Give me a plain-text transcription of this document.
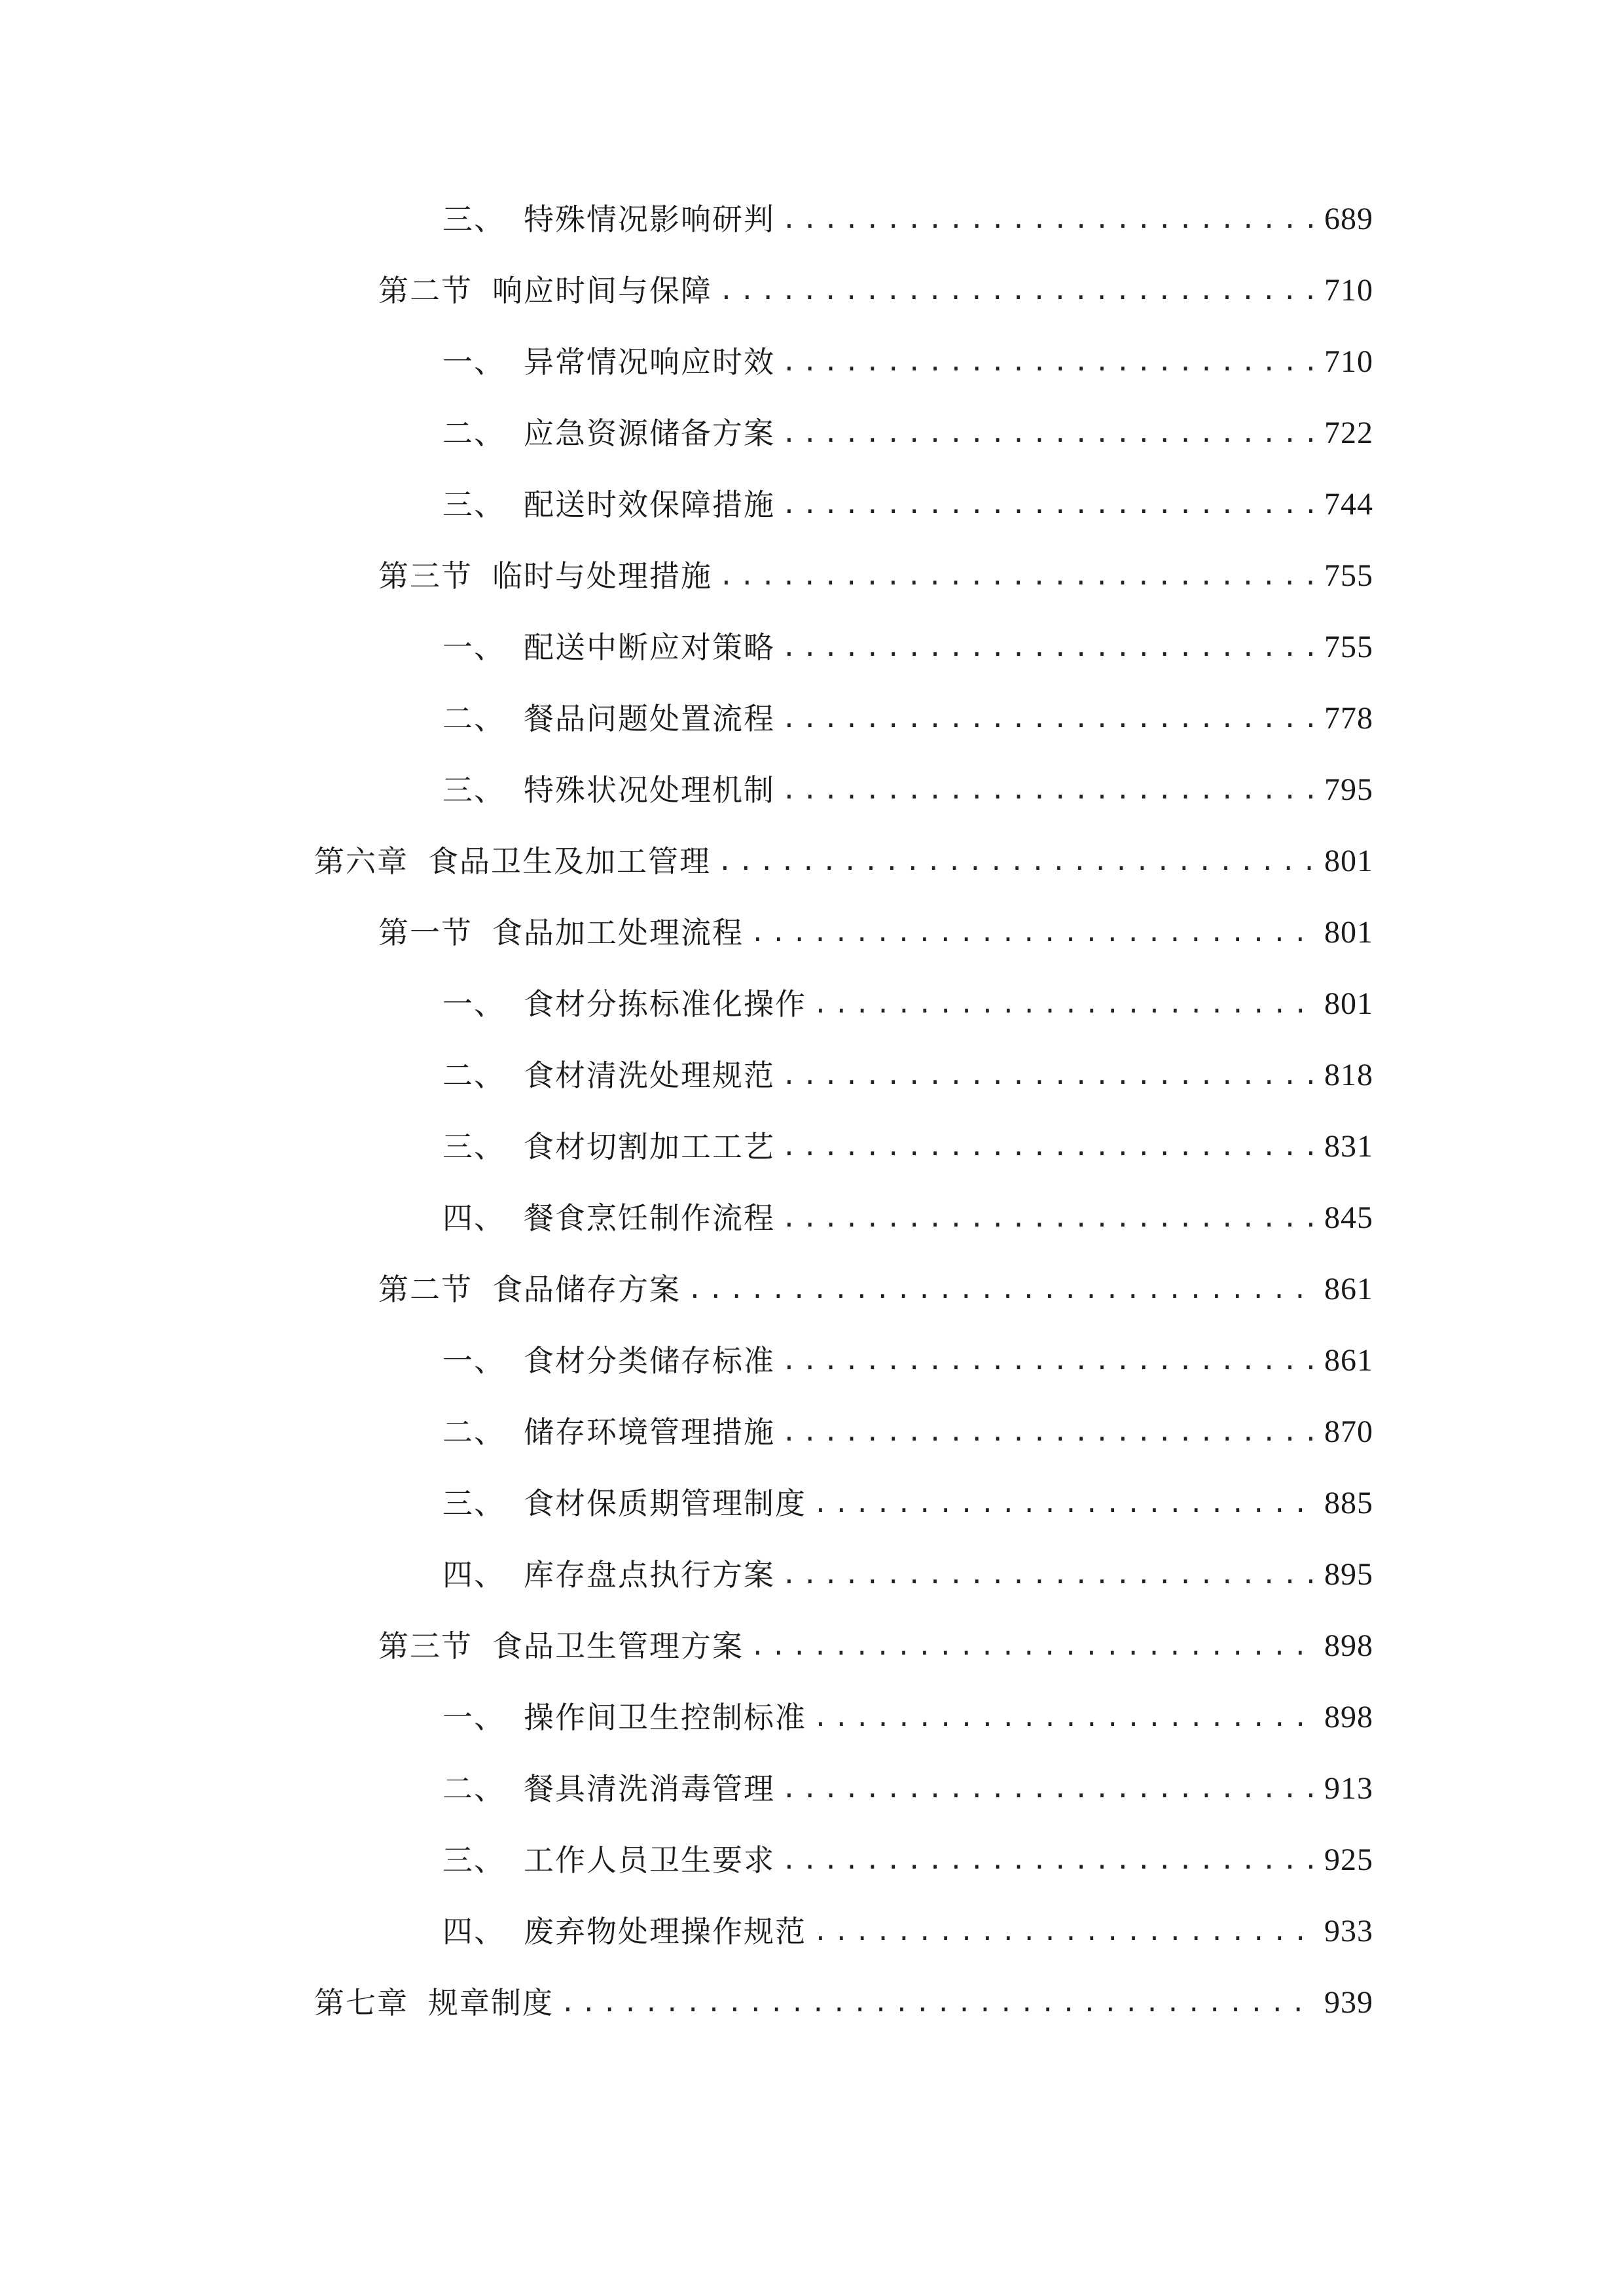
三、 特殊情况影响研判 .....	689
第二节 响应时间与保障 .....	710
一、 异常情况响应时效 .....	710
二、 应急资源储备方案 .....	722
三、 配送时效保障措施 .....	744
第三节 临时与处理措施 .....	755
一、 配送中断应对策略 .....	755
二、 餐品问题处置流程 .....	778
三、 特殊状况处理机制 .....	795
第六章 食品卫生及加工管理 .....	801
第一节 食品加工处理流程 .....	801
一、 食材分拣标准化操作 .....	801
二、 食材清洗处理规范 .....	818
三、 食材切割加工工艺 .....	831
四、 餐食烹饪制作流程 .....	845
第二节 食品储存方案 .....	861
一、 食材分类储存标准 .....	861
二、 储存环境管理措施 .....	870
三、 食材保质期管理制度 .....	885
四、 库存盘点执行方案 .....	895
第三节 食品卫生管理方案 .....	898
一、 操作间卫生控制标准 .....	898
二、 餐具清洗消毒管理 .....	913
三、 工作人员卫生要求 .....	925
四、 废弃物处理操作规范 .....	933
第七章 规章制度 .....	939
